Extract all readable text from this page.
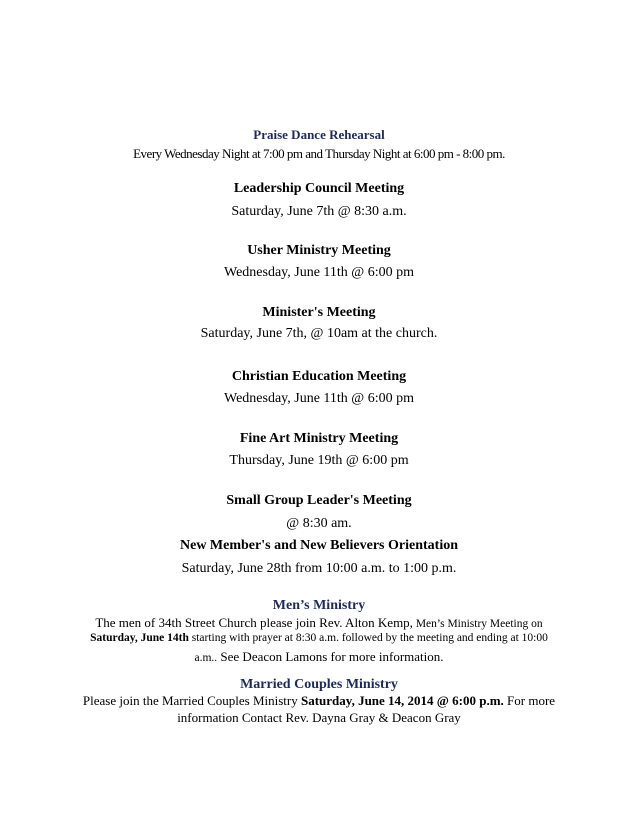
Praise Dance Rehearsal
Every Wednesday Night at 7:00 pm and Thursday Night at 6:00 pm - 8:00 pm.
Leadership Council Meeting
Saturday, June 7th @ 8:30 a.m.
Usher Ministry Meeting
Wednesday, June 11th @ 6:00 pm
Minister's Meeting
Saturday, June 7th, @ 10am at the church.
Christian Education Meeting
Wednesday, June 11th @ 6:00 pm
Fine Art Ministry Meeting
Thursday, June 19th @ 6:00 pm
Small Group Leader's Meeting
@ 8:30 am.
New Member's and New Believers Orientation
Saturday, June 28th from 10:00 a.m. to 1:00 p.m.
Men’s Ministry
The men of 34th Street Church please join Rev. Alton Kemp, Men’s Ministry Meeting on
Saturday, June 14th starting with prayer at 8:30 a.m. followed by the meeting and ending at 10:00
a.m.. See Deacon Lamons for more information.
Married Couples Ministry
Please join the Married Couples Ministry Saturday, June 14, 2014 @ 6:00 p.m. For more
information Contact Rev. Dayna Gray & Deacon Gray
